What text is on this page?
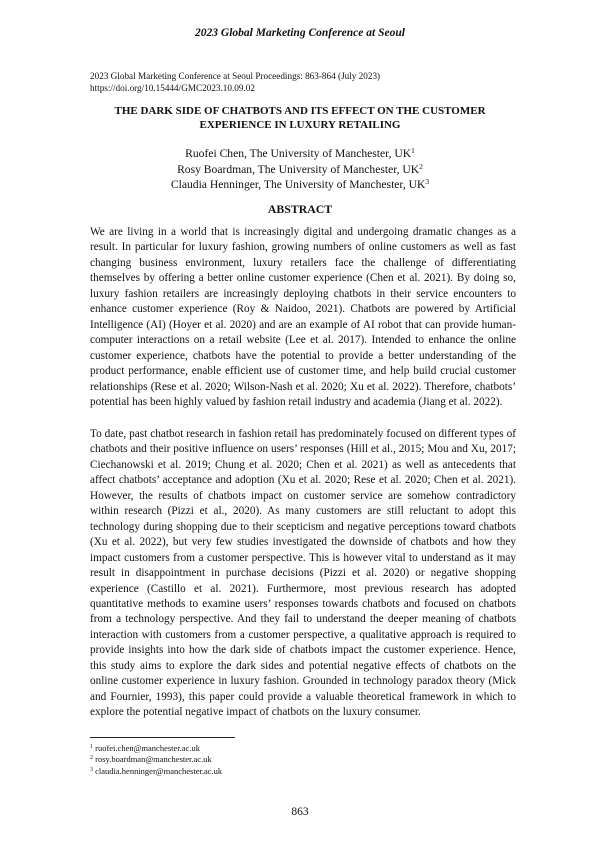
2023 Global Marketing Conference at Seoul
2023 Global Marketing Conference at Seoul Proceedings: 863-864 (July 2023)
https://doi.org/10.15444/GMC2023.10.09.02
THE DARK SIDE OF CHATBOTS AND ITS EFFECT ON THE CUSTOMER
EXPERIENCE IN LUXURY RETAILING
Ruofei Chen, The University of Manchester, $UK^1$
Rosy Boardman, The University of Manchester, $UK^2$
Claudia Henninger, The University of Manchester, $UK^3$
ABSTRACT

We are living in a world that is increasingly digital and undergoing dramatic changes as a result. In particular for luxury fashion, growing numbers of online customers as well as fast changing business environment, luxury retailers face the challenge of differentiating themselves by offering a better online customer experience (Chen et al. 2021). By doing so, luxury fashion retailers are increasingly deploying chatbots in their service encounters to enhance customer experience (Roy & Naidoo, 2021). Chatbots are powered by Artificial Intelligence (AI) (Hoyer et al. 2020) and are an example of AI robot that can provide human-computer interactions on a retail website (Lee et al. 2017). Intended to enhance the online customer experience, chatbots have the potential to provide a better understanding of the product performance, enable efficient use of customer time, and help build crucial customer relationships (Rese et al. 2020; Wilson-Nash et al. 2020; Xu et al. 2022). Therefore, chatbots’ potential has been highly valued by fashion retail industry and academia (Jiang et al. 2022).

To date, past chatbot research in fashion retail has predominately focused on different types of chatbots and their positive influence on users’ responses (Hill et al., 2015; Mou and Xu, 2017; Ciechanowski et al. 2019; Chung et al. 2020; Chen et al. 2021) as well as antecedents that affect chatbots’ acceptance and adoption (Xu et al. 2020; Rese et al. 2020; Chen et al. 2021). However, the results of chatbots impact on customer service are somehow contradictory within research (Pizzi et al., 2020). As many customers are still reluctant to adopt this technology during shopping due to their scepticism and negative perceptions toward chatbots (Xu et al. 2022), but very few studies investigated the downside of chatbots and how they impact customers from a customer perspective. This is however vital to understand as it may result in disappointment in purchase decisions (Pizzi et al. 2020) or negative shopping experience (Castillo et al. 2021). Furthermore, most previous research has adopted quantitative methods to examine users’ responses towards chatbots and focused on chatbots from a technology perspective. And they fail to understand the deeper meaning of chatbots interaction with customers from a customer perspective, a qualitative approach is required to provide insights into how the dark side of chatbots impact the customer experience. Hence, this study aims to explore the dark sides and potential negative effects of chatbots on the online customer experience in luxury fashion. Grounded in technology paradox theory (Mick and Fournier, 1993), this paper could provide a valuable theoretical framework in which to explore the potential negative impact of chatbots on the luxury consumer.

$^1$ ruofei.chen@manchester.ac.uk
$^2$ rosy.boardman@manchester.ac.uk
$^3$ claudia.henninger@manchester.ac.uk
863
